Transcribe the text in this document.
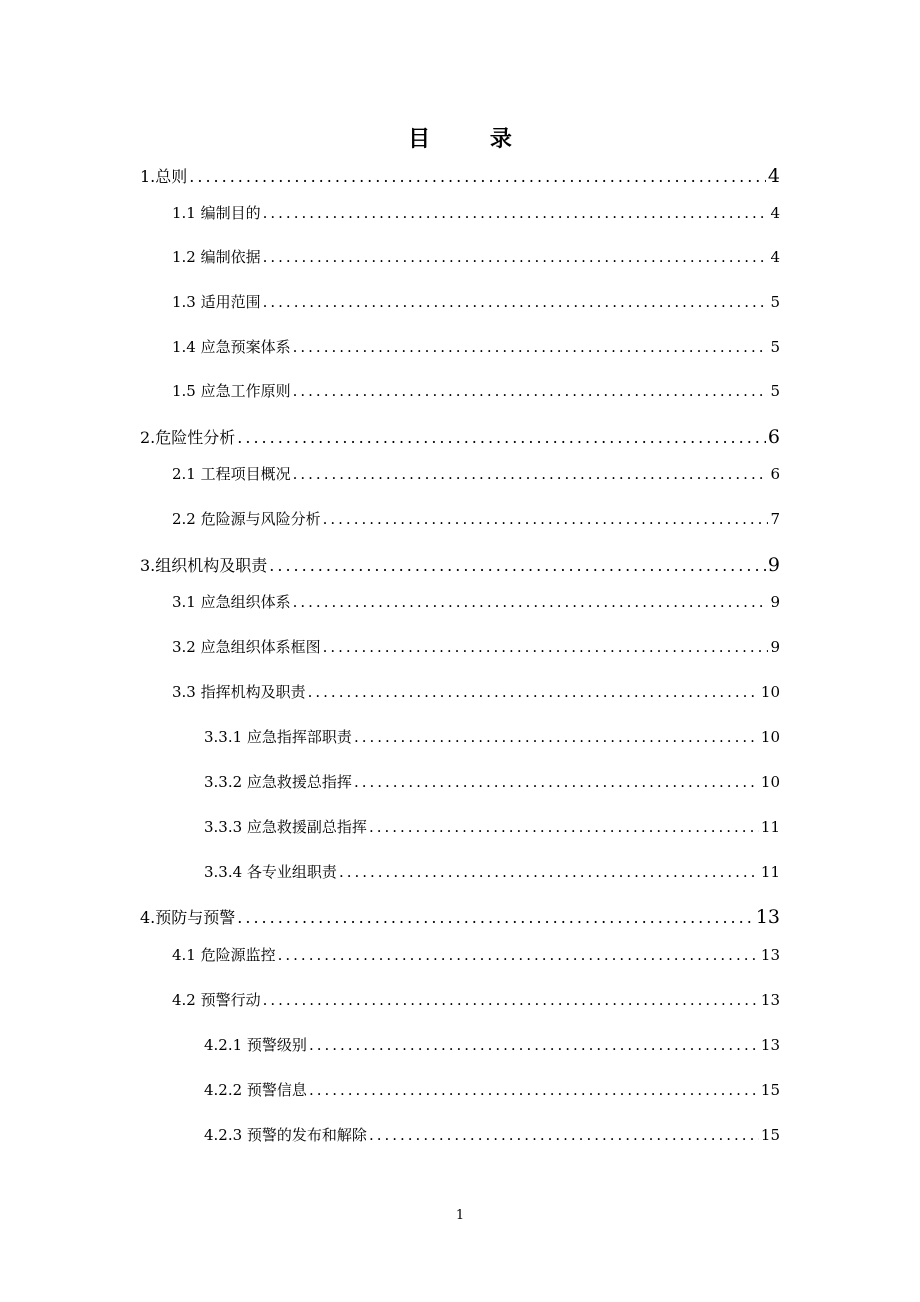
目 录
1.总则 .....	4
1.1 编制目的 .....	4
1.2 编制依据 .....	4
1.3 适用范围 .....	5
1.4 应急预案体系 .....	5
1.5 应急工作原则 .....	5
2.危险性分析 .....	6
2.1 工程项目概况 .....	6
2.2 危险源与风险分析 .....	7
3.组织机构及职责 .....	9
3.1 应急组织体系 .....	9
3.2 应急组织体系框图 .....	9
3.3 指挥机构及职责 .....	10
3.3.1 应急指挥部职责 .....	10
3.3.2 应急救援总指挥 .....	10
3.3.3 应急救援副总指挥 .....	11
3.3.4 各专业组职责 .....	11
4.预防与预警 .....	13
4.1 危险源监控 .....	13
4.2 预警行动 .....	13
4.2.1 预警级别 .....	13
4.2.2 预警信息 .....	15
4.2.3 预警的发布和解除 .....	15
1
